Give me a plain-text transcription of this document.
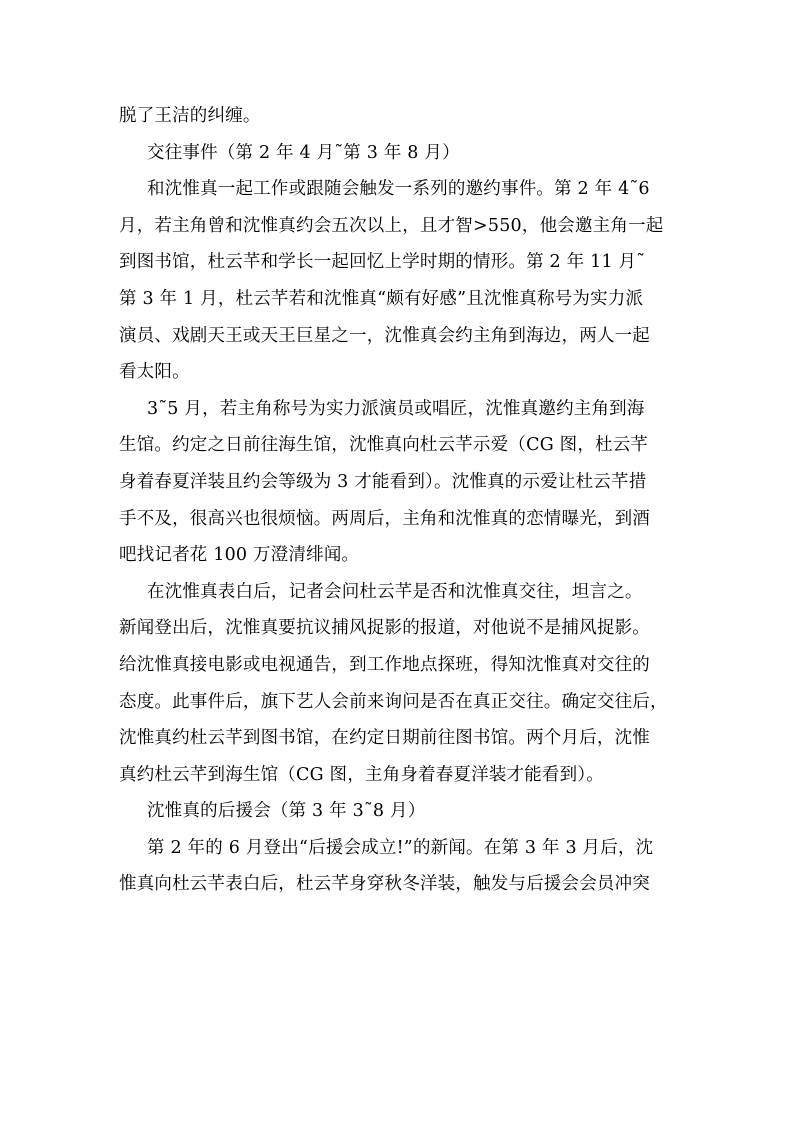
脱了王洁的纠缠。
交往事件（第 2 年 4 月˜第 3 年 8 月）
和沈惟真一起工作或跟随会触发一系列的邀约事件。第 2 年 4˜6
月，若主角曾和沈惟真约会五次以上，且才智>550，他会邀主角一起
到图书馆，杜云芊和学长一起回忆上学时期的情形。第 2 年 11 月˜
第 3 年 1 月，杜云芊若和沈惟真“颇有好感”且沈惟真称号为实力派
演员、戏剧天王或天王巨星之一，沈惟真会约主角到海边，两人一起
看太阳。
3˜5 月，若主角称号为实力派演员或唱匠，沈惟真邀约主角到海
生馆。约定之日前往海生馆，沈惟真向杜云芊示爱（CG 图，杜云芊
身着春夏洋装且约会等级为 3 才能看到）。沈惟真的示爱让杜云芊措
手不及，很高兴也很烦恼。两周后，主角和沈惟真的恋情曝光，到酒
吧找记者花 100 万澄清绯闻。
在沈惟真表白后，记者会问杜云芊是否和沈惟真交往，坦言之。
新闻登出后，沈惟真要抗议捕风捉影的报道，对他说不是捕风捉影。
给沈惟真接电影或电视通告，到工作地点探班，得知沈惟真对交往的
态度。此事件后，旗下艺人会前来询问是否在真正交往。确定交往后，
沈惟真约杜云芊到图书馆，在约定日期前往图书馆。两个月后，沈惟
真约杜云芊到海生馆（CG 图，主角身着春夏洋装才能看到）。
沈惟真的后援会（第 3 年 3˜8 月）
第 2 年的 6 月登出“后援会成立!”的新闻。在第 3 年 3 月后，沈
惟真向杜云芊表白后，杜云芊身穿秋冬洋装，触发与后援会会员冲突
